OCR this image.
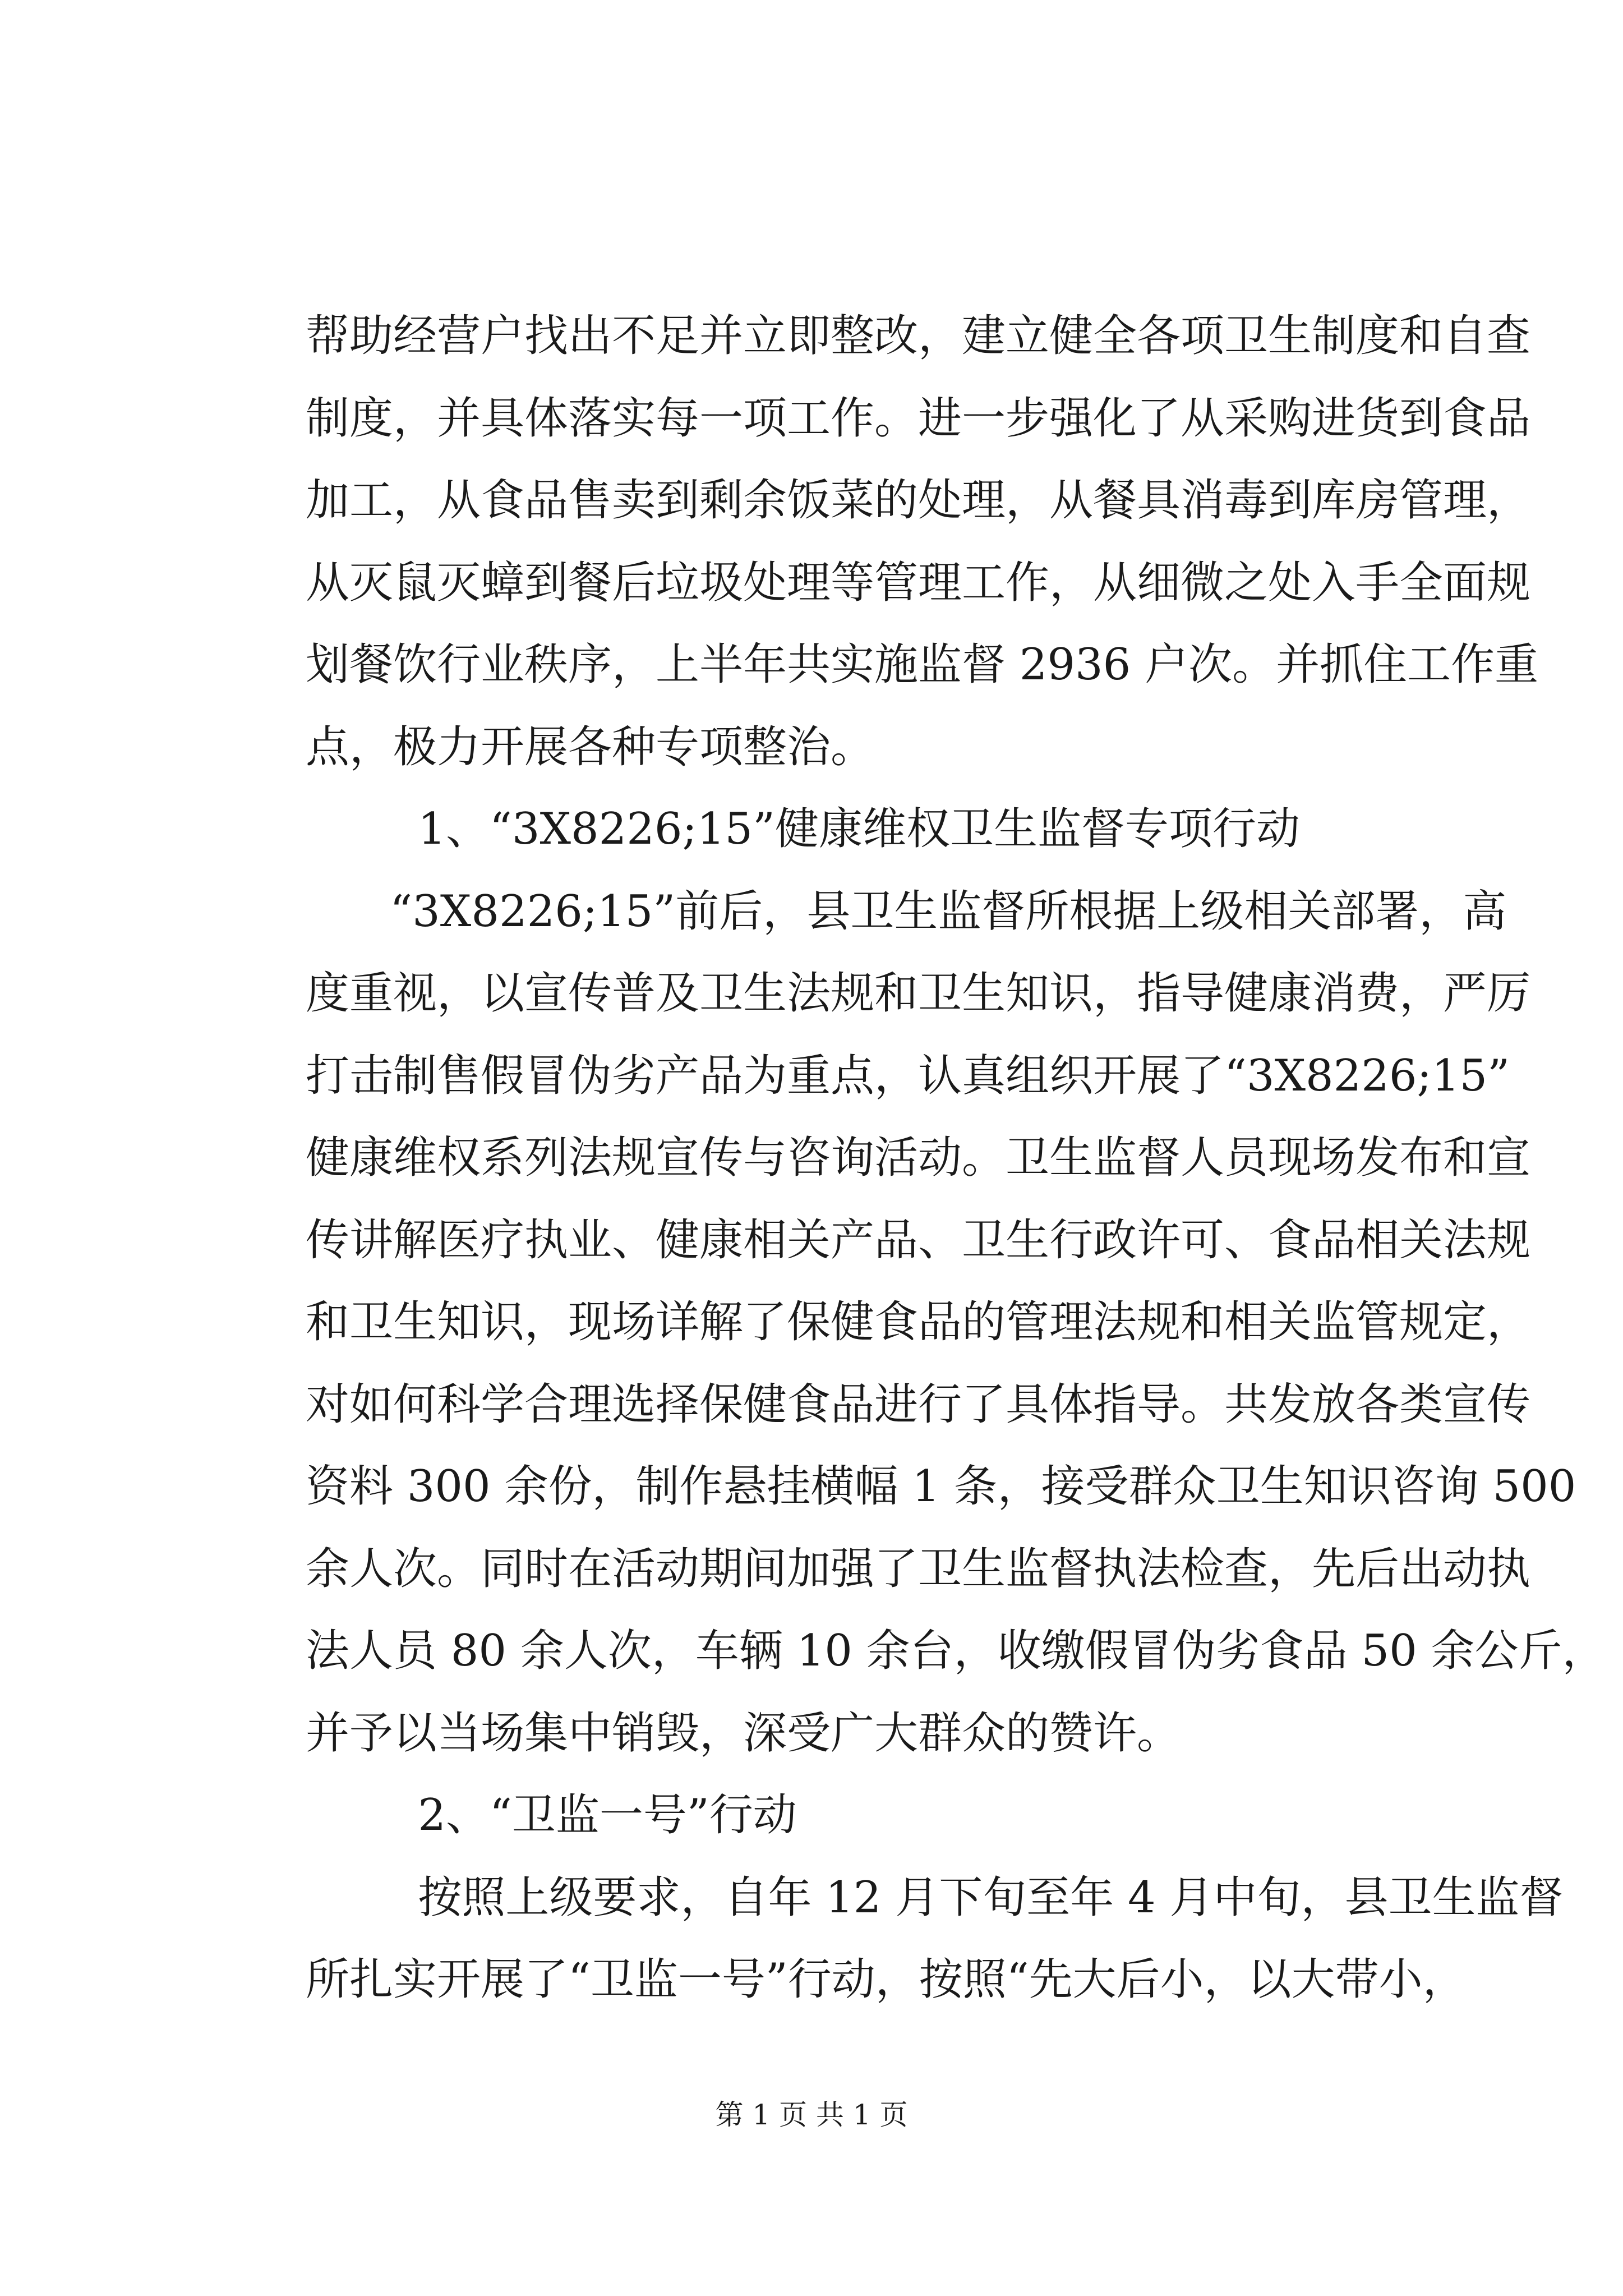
帮助经营户找出不足并立即整改，建立健全各项卫生制度和自查
制度，并具体落实每一项工作。进一步强化了从采购进货到食品
加工，从食品售卖到剩余饭菜的处理，从餐具消毒到库房管理，
从灭鼠灭蟑到餐后垃圾处理等管理工作，从细微之处入手全面规
划餐饮行业秩序，上半年共实施监督 2936 户次。并抓住工作重
点，极力开展各种专项整治。
1、“3X8226;15”健康维权卫生监督专项行动
“3X8226;15”前后，县卫生监督所根据上级相关部署，高
度重视，以宣传普及卫生法规和卫生知识，指导健康消费，严厉
打击制售假冒伪劣产品为重点，认真组织开展了“3X8226;15”
健康维权系列法规宣传与咨询活动。卫生监督人员现场发布和宣
传讲解医疗执业、健康相关产品、卫生行政许可、食品相关法规
和卫生知识，现场详解了保健食品的管理法规和相关监管规定，
对如何科学合理选择保健食品进行了具体指导。共发放各类宣传
资料 300 余份，制作悬挂横幅 1 条，接受群众卫生知识咨询 500
余人次。同时在活动期间加强了卫生监督执法检查，先后出动执
法人员 80 余人次，车辆 10 余台，收缴假冒伪劣食品 50 余公斤，
并予以当场集中销毁，深受广大群众的赞许。
2、“卫监一号”行动
按照上级要求，自年 12 月下旬至年 4 月中旬，县卫生监督
所扎实开展了“卫监一号”行动，按照“先大后小，以大带小，
第 1 页 共 1 页
